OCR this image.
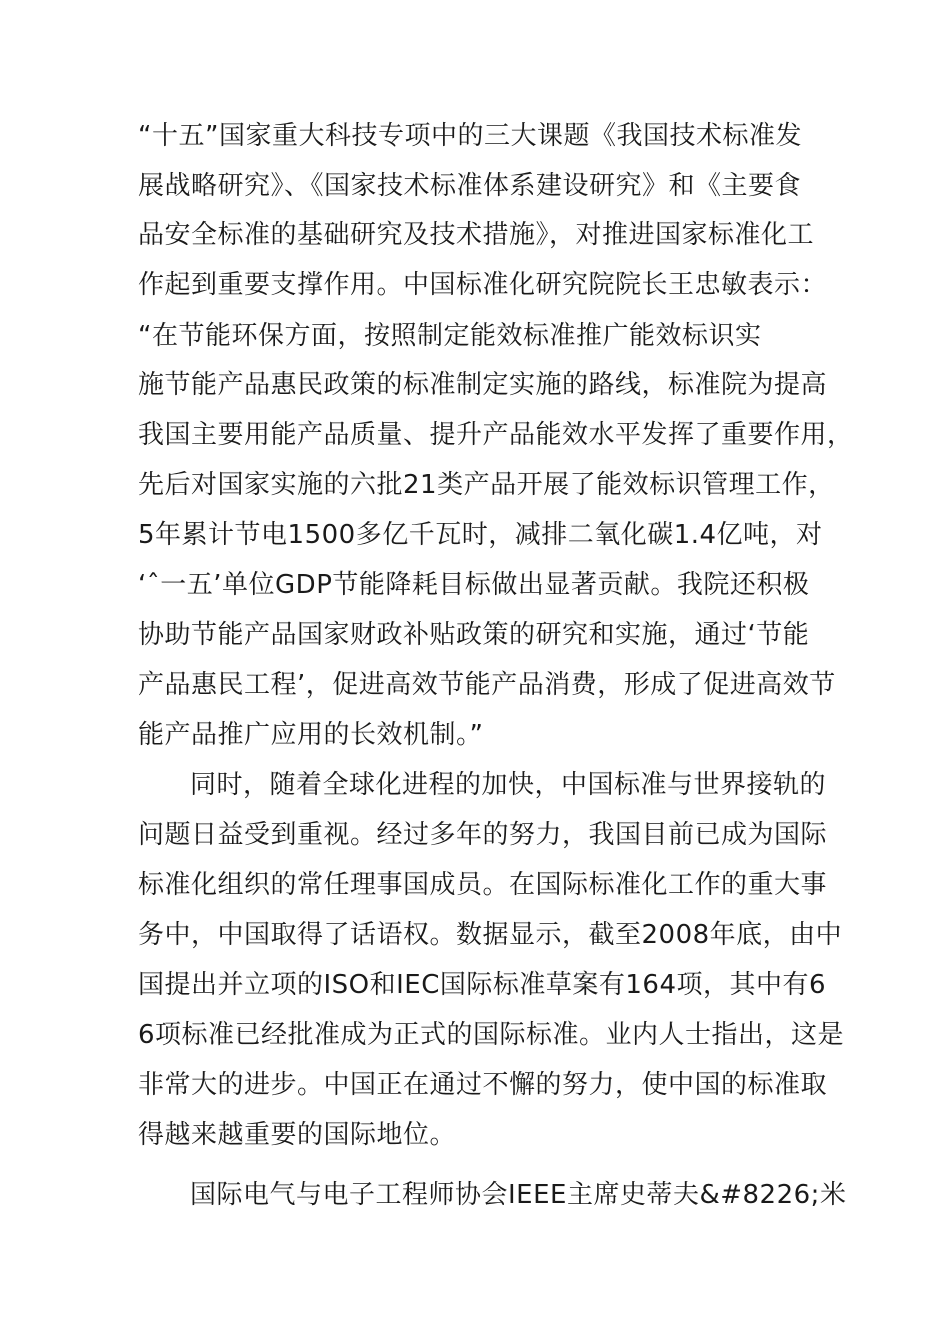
“十五”国家重大科技专项中的三大课题《我国技术标准发
展战略研究》、《国家技术标准体系建设研究》和《主要食
品安全标准的基础研究及技术措施》，对推进国家标准化工
作起到重要支撑作用。中国标准化研究院院长王忠敏表示：
“在节能环保方面，按照制定能效标准推广能效标识实
施节能产品惠民政策的标准制定实施的路线，标准院为提高
我国主要用能产品质量、提升产品能效水平发挥了重要作用，
先后对国家实施的六批21类产品开展了能效标识管理工作，
5年累计节电1500多亿千瓦时，减排二氧化碳1.4亿吨，对
‘ˆ一五’单位GDP节能降耗目标做出显著贡献。我院还积极
协助节能产品国家财政补贴政策的研究和实施，通过‘节能
产品惠民工程’，促进高效节能产品消费，形成了促进高效节
能产品推广应用的长效机制。”
同时，随着全球化进程的加快，中国标准与世界接轨的
问题日益受到重视。经过多年的努力，我国目前已成为国际
标准化组织的常任理事国成员。在国际标准化工作的重大事
务中，中国取得了话语权。数据显示，截至2008年底，由中
国提出并立项的ISO和IEC国际标准草案有164项，其中有6
6项标准已经批准成为正式的国际标准。业内人士指出，这是
非常大的进步。中国正在通过不懈的努力，使中国的标准取
得越来越重要的国际地位。
国际电气与电子工程师协会IEEE主席史蒂夫&#8226;米
